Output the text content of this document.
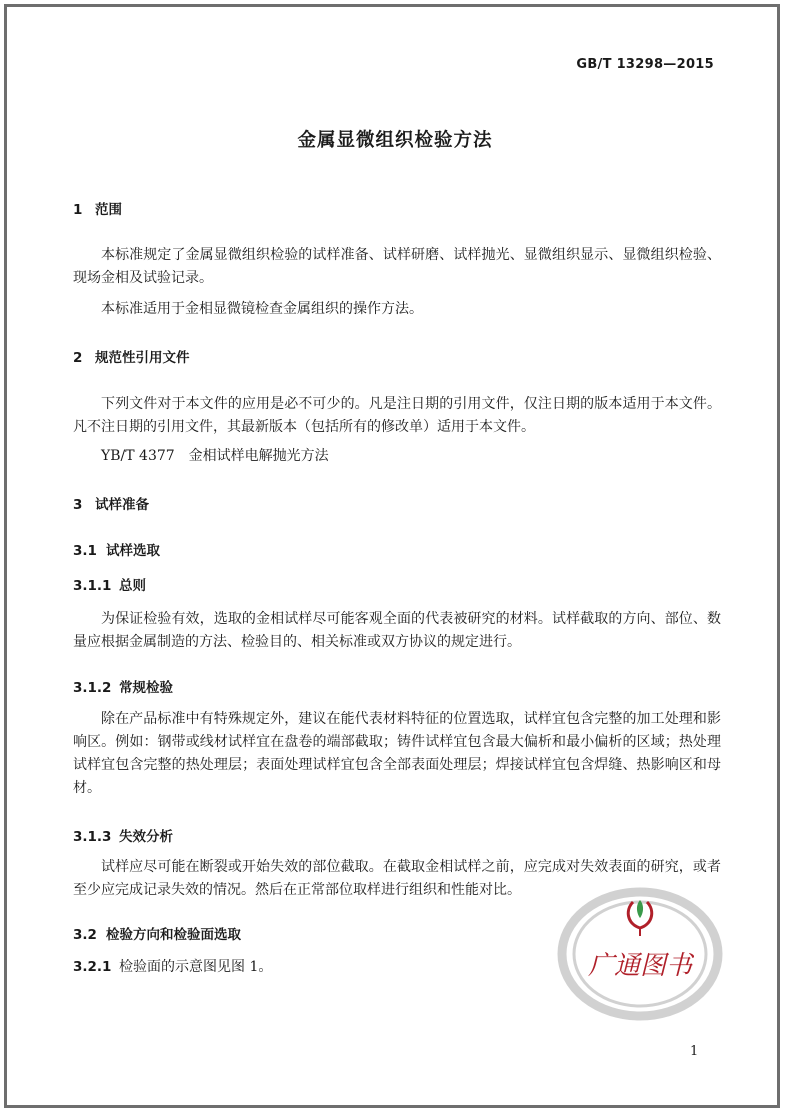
GB/T 13298—2015
金属显微组织检验方法
1 范围
本标准规定了金属显微组织检验的试样准备、试样研磨、试样抛光、显微组织显示、显微组织检验、现场金相及试验记录。
本标准适用于金相显微镜检查金属组织的操作方法。
2 规范性引用文件
下列文件对于本文件的应用是必不可少的。凡是注日期的引用文件，仅注日期的版本适用于本文件。凡不注日期的引用文件，其最新版本（包括所有的修改单）适用于本文件。
YB/T 4377 金相试样电解抛光方法
3 试样准备
3.1 试样选取
3.1.1 总则
为保证检验有效，选取的金相试样尽可能客观全面的代表被研究的材料。试样截取的方向、部位、数量应根据金属制造的方法、检验目的、相关标准或双方协议的规定进行。
3.1.2 常规检验
除在产品标准中有特殊规定外，建议在能代表材料特征的位置选取，试样宜包含完整的加工处理和影响区。例如：钢带或线材试样宜在盘卷的端部截取；铸件试样宜包含最大偏析和最小偏析的区域；热处理试样宜包含完整的热处理层；表面处理试样宜包含全部表面处理层；焊接试样宜包含焊缝、热影响区和母材。
3.1.3 失效分析
试样应尽可能在断裂或开始失效的部位截取。在截取金相试样之前，应完成对失效表面的研究，或者至少应完成记录失效的情况。然后在正常部位取样进行组织和性能对比。
3.2 检验方向和检验面选取
3.2.1 检验面的示意图见图 1。	广通图书
1
